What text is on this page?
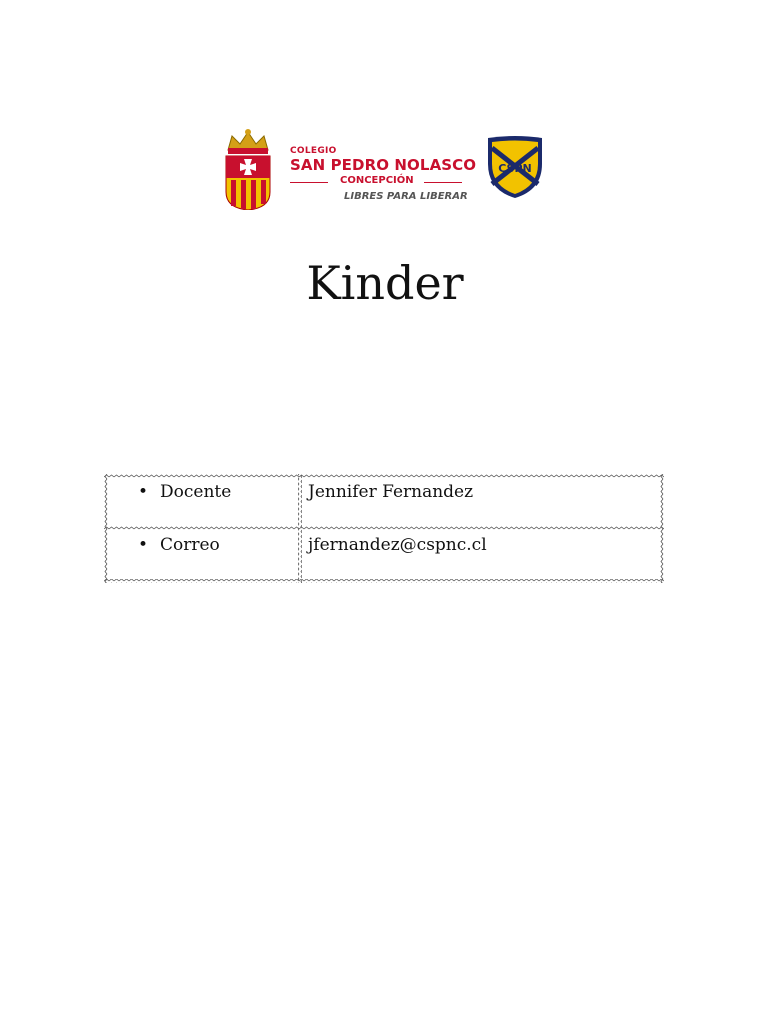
COLEGIO
SAN PEDRO NOLASCO
CONCEPCIÓN
LIBRES PARA LIBERAR
CSPN
Kinder
• Docente	Jennifer Fernandez
• Correo	jfernandez@cspnc.cl
